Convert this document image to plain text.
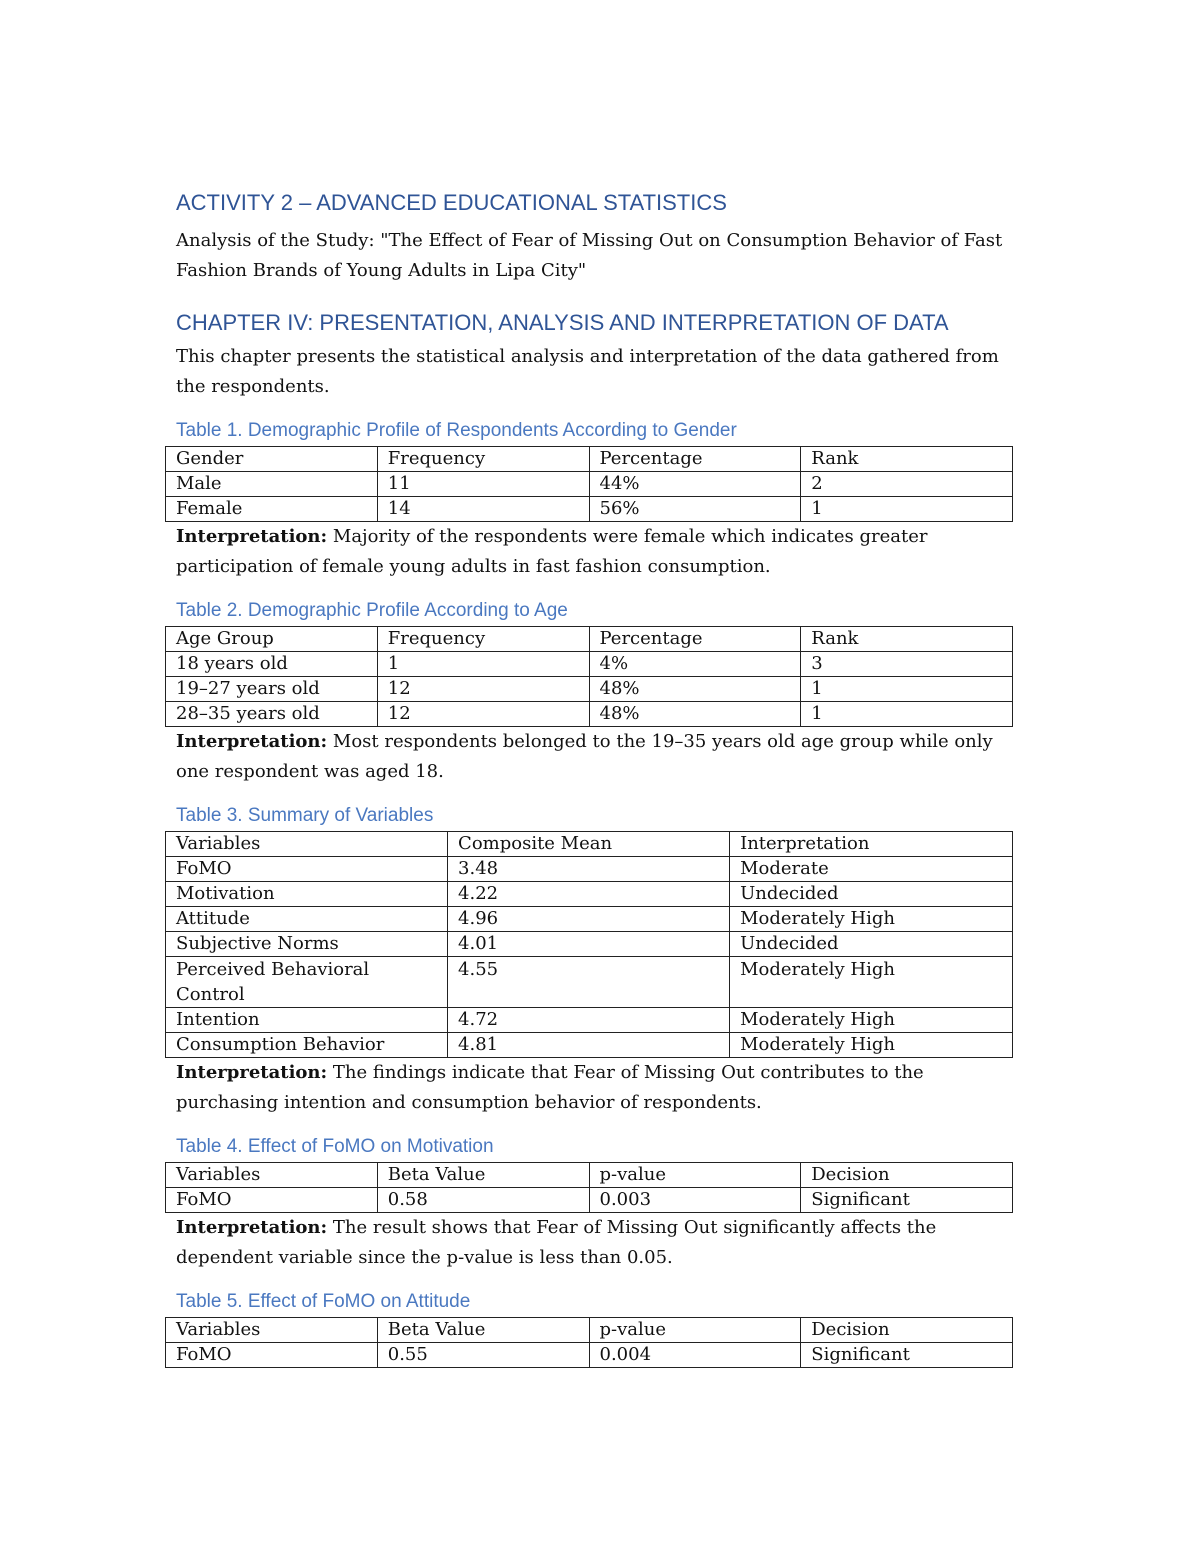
ACTIVITY 2 – ADVANCED EDUCATIONAL STATISTICS

Analysis of the Study: "The Effect of Fear of Missing Out on Consumption Behavior of Fast Fashion Brands of Young Adults in Lipa City"

CHAPTER IV: PRESENTATION, ANALYSIS AND INTERPRETATION OF DATA

This chapter presents the statistical analysis and interpretation of the data gathered from the respondents.

Table 1. Demographic Profile of Respondents According to Gender
Gender	Frequency	Percentage	Rank
Male	11	44%	2
Female	14	56%	1

Interpretation: Majority of the respondents were female which indicates greater participation of female young adults in fast fashion consumption.

Table 2. Demographic Profile According to Age
Age Group	Frequency	Percentage	Rank
18 years old	1	4%	3
19–27 years old	12	48%	1
28–35 years old	12	48%	1

Interpretation: Most respondents belonged to the 19–35 years old age group while only one respondent was aged 18.

Table 3. Summary of Variables
Variables	Composite Mean	Interpretation
FoMO	3.48	Moderate
Motivation	4.22	Undecided
Attitude	4.96	Moderately High
Subjective Norms	4.01	Undecided
Perceived Behavioral Control	4.55	Moderately High
Intention	4.72	Moderately High
Consumption Behavior	4.81	Moderately High

Interpretation: The findings indicate that Fear of Missing Out contributes to the purchasing intention and consumption behavior of respondents.

Table 4. Effect of FoMO on Motivation
Variables	Beta Value	p-value	Decision
FoMO	0.58	0.003	Significant

Interpretation: The result shows that Fear of Missing Out significantly affects the dependent variable since the p-value is less than 0.05.

Table 5. Effect of FoMO on Attitude
Variables	Beta Value	p-value	Decision
FoMO	0.55	0.004	Significant
